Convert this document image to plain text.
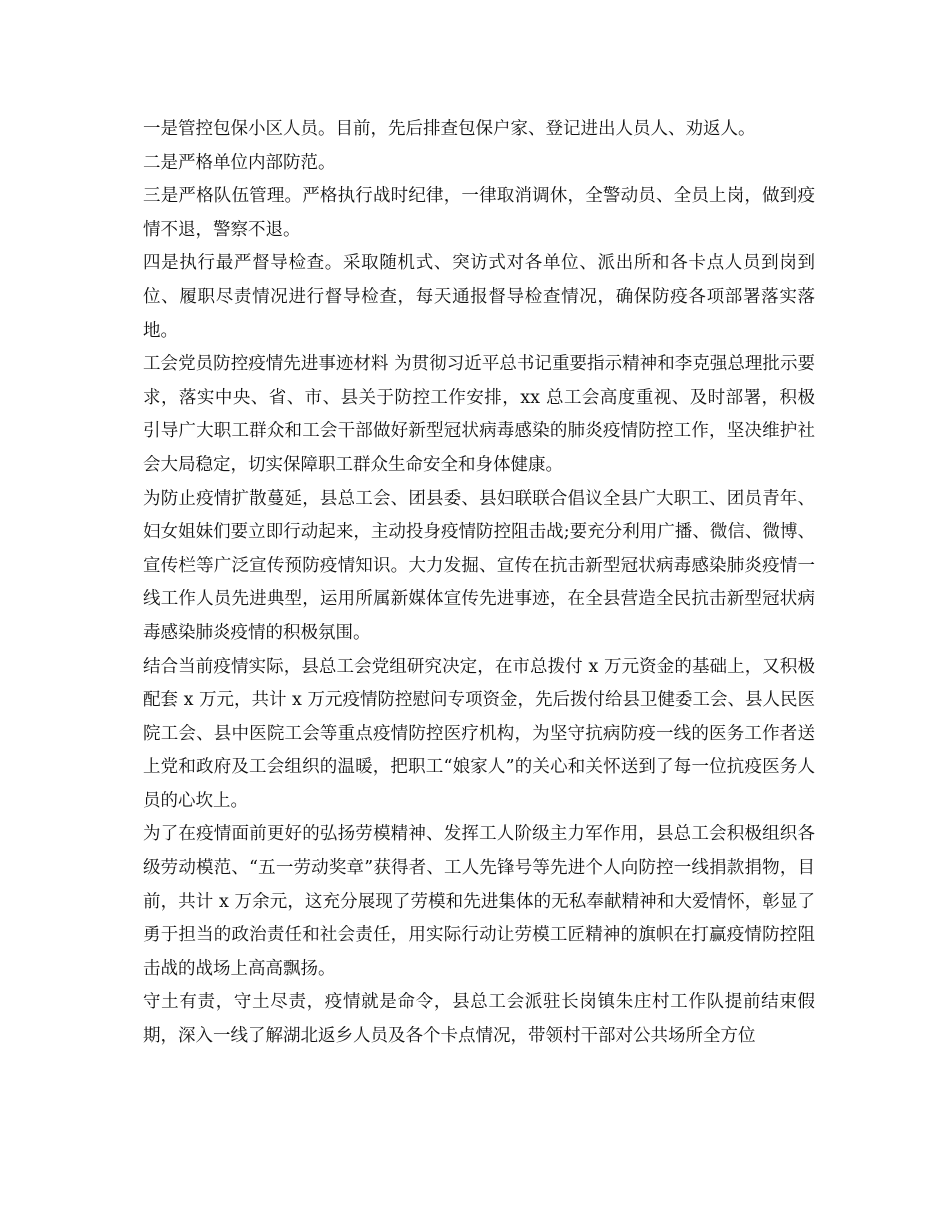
一是管控包保小区人员。目前，先后排查包保户家、登记进出人员人、劝返人。

二是严格单位内部防范。

三是严格队伍管理。严格执行战时纪律，一律取消调休，全警动员、全员上岗，做到疫情不退，警察不退。

四是执行最严督导检查。采取随机式、突访式对各单位、派出所和各卡点人员到岗到位、履职尽责情况进行督导检查，每天通报督导检查情况，确保防疫各项部署落实落地。

工会党员防控疫情先进事迹材料 为贯彻习近平总书记重要指示精神和李克强总理批示要求，落实中央、省、市、县关于防控工作安排，xx 总工会高度重视、及时部署，积极引导广大职工群众和工会干部做好新型冠状病毒感染的肺炎疫情防控工作，坚决维护社会大局稳定，切实保障职工群众生命安全和身体健康。

为防止疫情扩散蔓延，县总工会、团县委、县妇联联合倡议全县广大职工、团员青年、妇女姐妹们要立即行动起来，主动投身疫情防控阻击战;要充分利用广播、微信、微博、宣传栏等广泛宣传预防疫情知识。大力发掘、宣传在抗击新型冠状病毒感染肺炎疫情一线工作人员先进典型，运用所属新媒体宣传先进事迹，在全县营造全民抗击新型冠状病毒感染肺炎疫情的积极氛围。

结合当前疫情实际，县总工会党组研究决定，在市总拨付 x 万元资金的基础上，又积极配套 x 万元，共计 x 万元疫情防控慰问专项资金，先后拨付给县卫健委工会、县人民医院工会、县中医院工会等重点疫情防控医疗机构，为坚守抗病防疫一线的医务工作者送上党和政府及工会组织的温暖，把职工“娘家人”的关心和关怀送到了每一位抗疫医务人员的心坎上。

为了在疫情面前更好的弘扬劳模精神、发挥工人阶级主力军作用，县总工会积极组织各级劳动模范、“五一劳动奖章”获得者、工人先锋号等先进个人向防控一线捐款捐物，目前，共计 x 万余元，这充分展现了劳模和先进集体的无私奉献精神和大爱情怀，彰显了勇于担当的政治责任和社会责任，用实际行动让劳模工匠精神的旗帜在打赢疫情防控阻击战的战场上高高飘扬。

守土有责，守土尽责，疫情就是命令，县总工会派驻长岗镇朱庄村工作队提前结束假期，深入一线了解湖北返乡人员及各个卡点情况，带领村干部对公共场所全方位
